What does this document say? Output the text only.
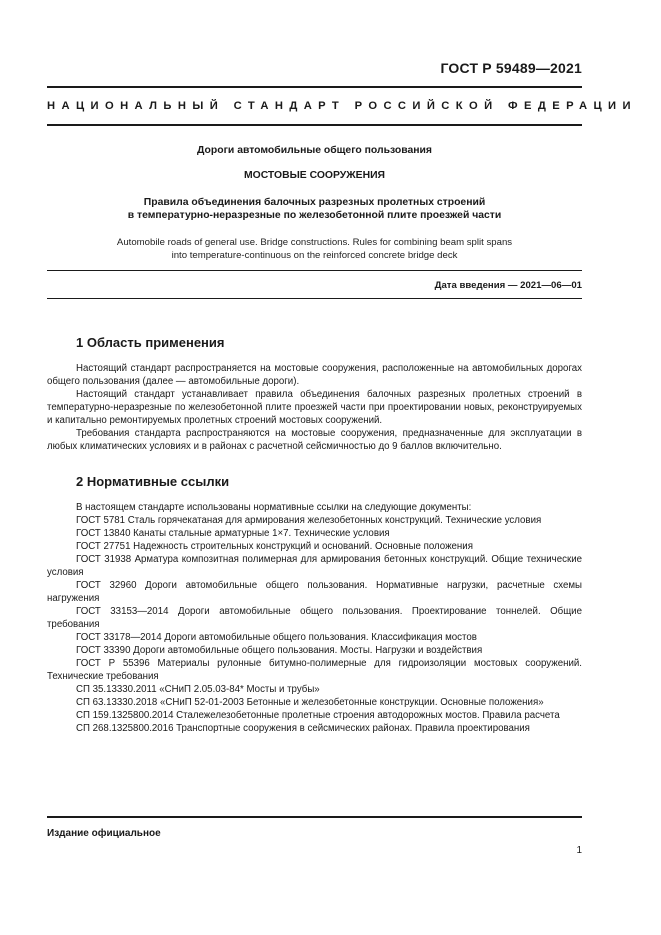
ГОСТ Р 59489—2021
НАЦИОНАЛЬНЫЙ СТАНДАРТ РОССИЙСКОЙ ФЕДЕРАЦИИ
Дороги автомобильные общего пользования
МОСТОВЫЕ СООРУЖЕНИЯ
Правила объединения балочных разрезных пролетных строений
в температурно-неразрезные по железобетонной плите проезжей части
Automobile roads of general use. Bridge constructions. Rules for combining beam split spans
into temperature-continuous on the reinforced concrete bridge deck
Дата введения — 2021—06—01
1 Область применения

Настоящий стандарт распространяется на мостовые сооружения, расположенные на автомобильных дорогах общего пользования (далее — автомобильные дороги).

Настоящий стандарт устанавливает правила объединения балочных разрезных пролетных строений в температурно-неразрезные по железобетонной плите проезжей части при проектировании новых, реконструируемых и капитально ремонтируемых пролетных строений мостовых сооружений.

Требования стандарта распространяются на мостовые сооружения, предназначенные для эксплуатации в любых климатических условиях и в районах с расчетной сейсмичностью до 9 баллов включительно.

2 Нормативные ссылки

В настоящем стандарте использованы нормативные ссылки на следующие документы:

ГОСТ 5781 Сталь горячекатаная для армирования железобетонных конструкций. Технические условия
ГОСТ 13840 Канаты стальные арматурные 1×7. Технические условия
ГОСТ 27751 Надежность строительных конструкций и оснований. Основные положения
ГОСТ 31938 Арматура композитная полимерная для армирования бетонных конструкций. Общие технические условия
ГОСТ 32960 Дороги автомобильные общего пользования. Нормативные нагрузки, расчетные схемы нагружения
ГОСТ 33153—2014 Дороги автомобильные общего пользования. Проектирование тоннелей. Общие требования
ГОСТ 33178—2014 Дороги автомобильные общего пользования. Классификация мостов
ГОСТ 33390 Дороги автомобильные общего пользования. Мосты. Нагрузки и воздействия
ГОСТ Р 55396 Материалы рулонные битумно-полимерные для гидроизоляции мостовых сооружений. Технические требования
СП 35.13330.2011 «СНиП 2.05.03-84* Мосты и трубы»
СП 63.13330.2018 «СНиП 52-01-2003 Бетонные и железобетонные конструкции. Основные положения»
СП 159.1325800.2014 Сталежелезобетонные пролетные строения автодорожных мостов. Правила расчета
СП 268.1325800.2016 Транспортные сооружения в сейсмических районах. Правила проектирования
Издание официальное
1
